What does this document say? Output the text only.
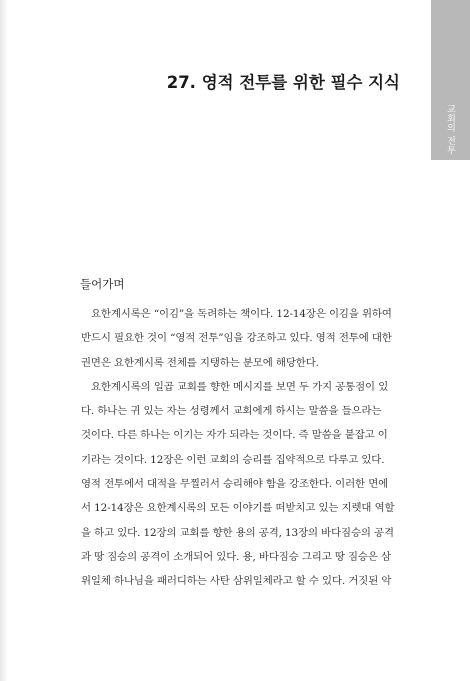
교회의 전투
27. 영적 전투를 위한 필수 지식
들어가며
요한계시록은 “이김”을 독려하는 책이다. 12-14장은 이김을 위하여
반드시 필요한 것이 “영적 전투”임을 강조하고 있다. 영적 전투에 대한
권면은 요한계시록 전체를 지탱하는 분모에 해당한다.
요한계시록의 일곱 교회를 향한 메시지를 보면 두 가지 공통점이 있
다. 하나는 귀 있는 자는 성령께서 교회에게 하시는 말씀을 들으라는
것이다. 다른 하나는 이기는 자가 되라는 것이다. 즉 말씀을 붙잡고 이
기라는 것이다. 12장은 이런 교회의 승리를 집약적으로 다루고 있다.
영적 전투에서 대적을 무찔러서 승리해야 함을 강조한다. 이러한 면에
서 12-14장은 요한계시록의 모든 이야기를 떠받치고 있는 지렛대 역할
을 하고 있다. 12장의 교회를 향한 용의 공격, 13장의 바다짐승의 공격
과 땅 짐승의 공격이 소개되어 있다. 용, 바다짐승 그리고 땅 짐승은 삼
위일체 하나님을 패러디하는 사탄 삼위일체라고 할 수 있다. 거짓된 악
